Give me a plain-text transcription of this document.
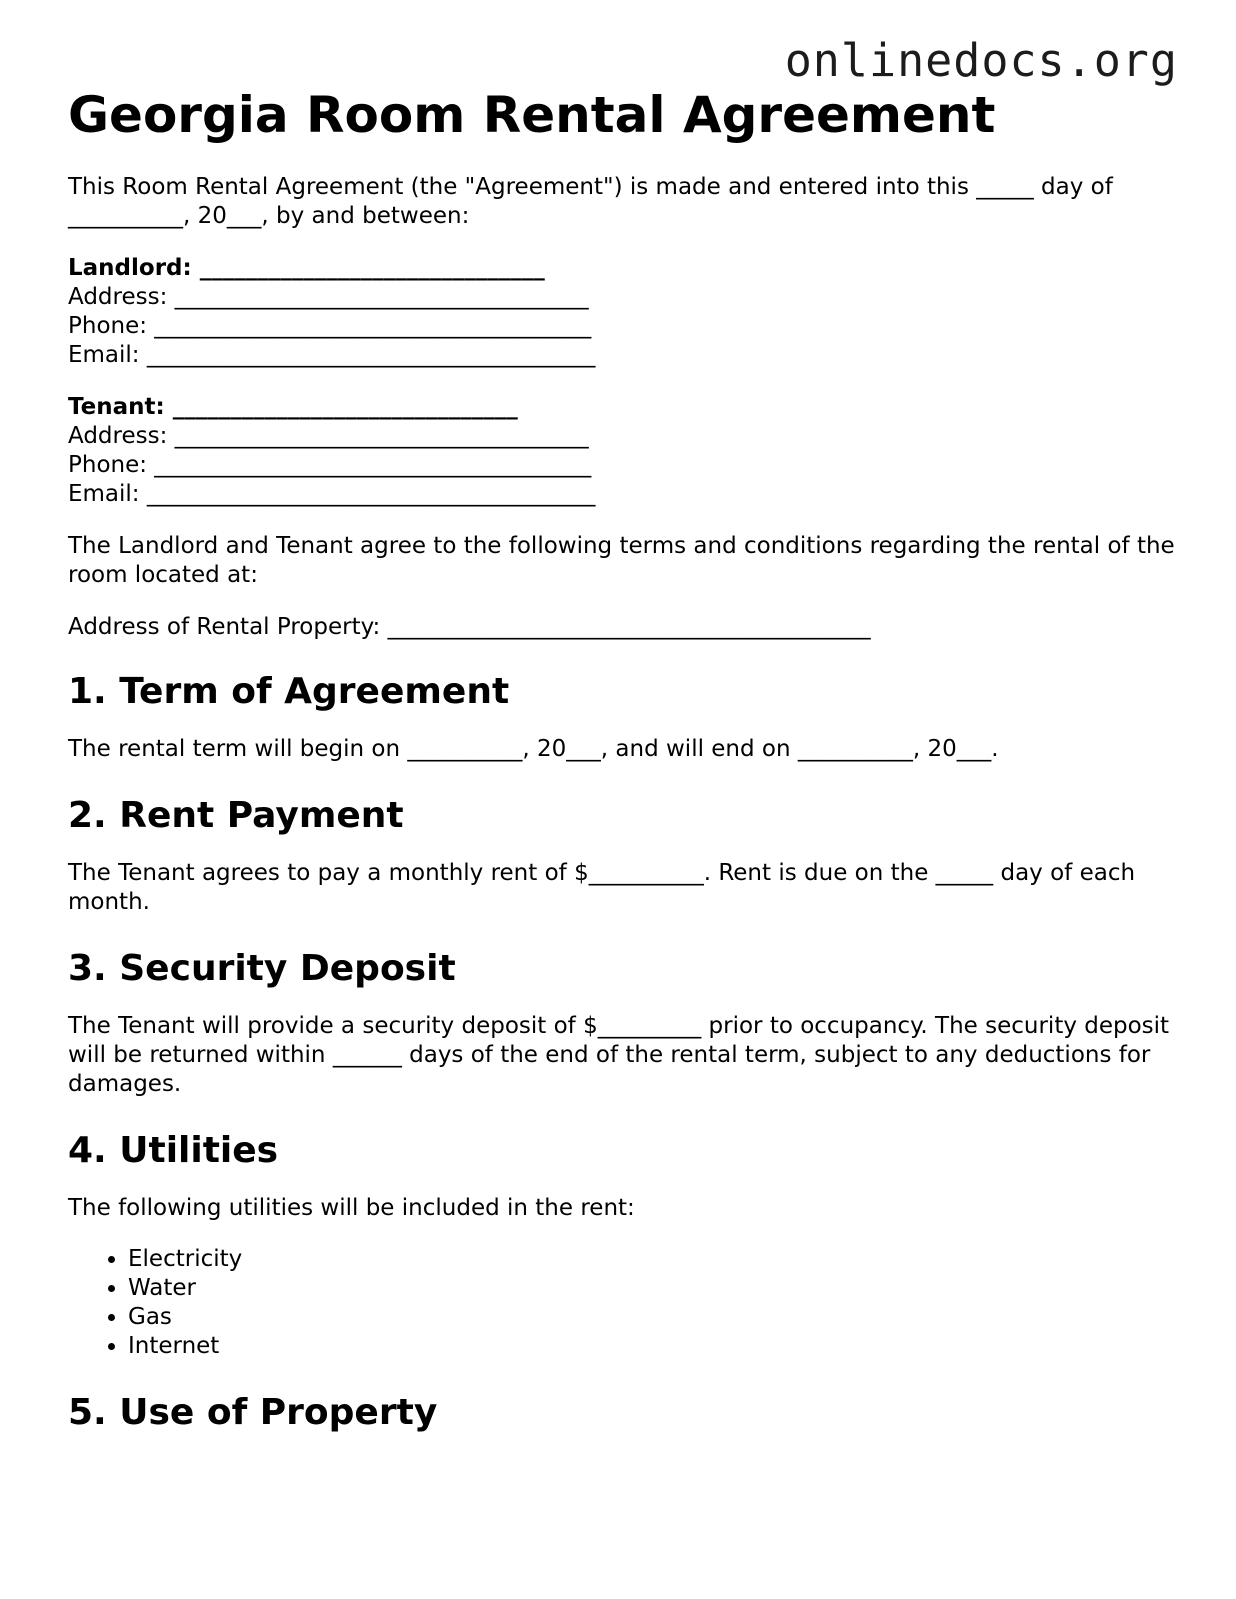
onlinedocs.org
Georgia Room Rental Agreement

This Room Rental Agreement (the "Agreement") is made and entered into this _____ day of __________, 20___, by and between:

Landlord: ______________________________
Address: ____________________________________
Phone: ______________________________________
Email: _______________________________________
Tenant: ______________________________
Address: ____________________________________
Phone: ______________________________________
Email: _______________________________________

The Landlord and Tenant agree to the following terms and conditions regarding the rental of the room located at:

Address of Rental Property: __________________________________________

1. Term of Agreement

The rental term will begin on __________, 20___, and will end on __________, 20___.

2. Rent Payment

The Tenant agrees to pay a monthly rent of $__________. Rent is due on the _____ day of each month.

3. Security Deposit

The Tenant will provide a security deposit of $_________ prior to occupancy. The security deposit will be returned within ______ days of the end of the rental term, subject to any deductions for damages.

4. Utilities

The following utilities will be included in the rent:

• Electricity
• Water
• Gas
• Internet
5. Use of Property
